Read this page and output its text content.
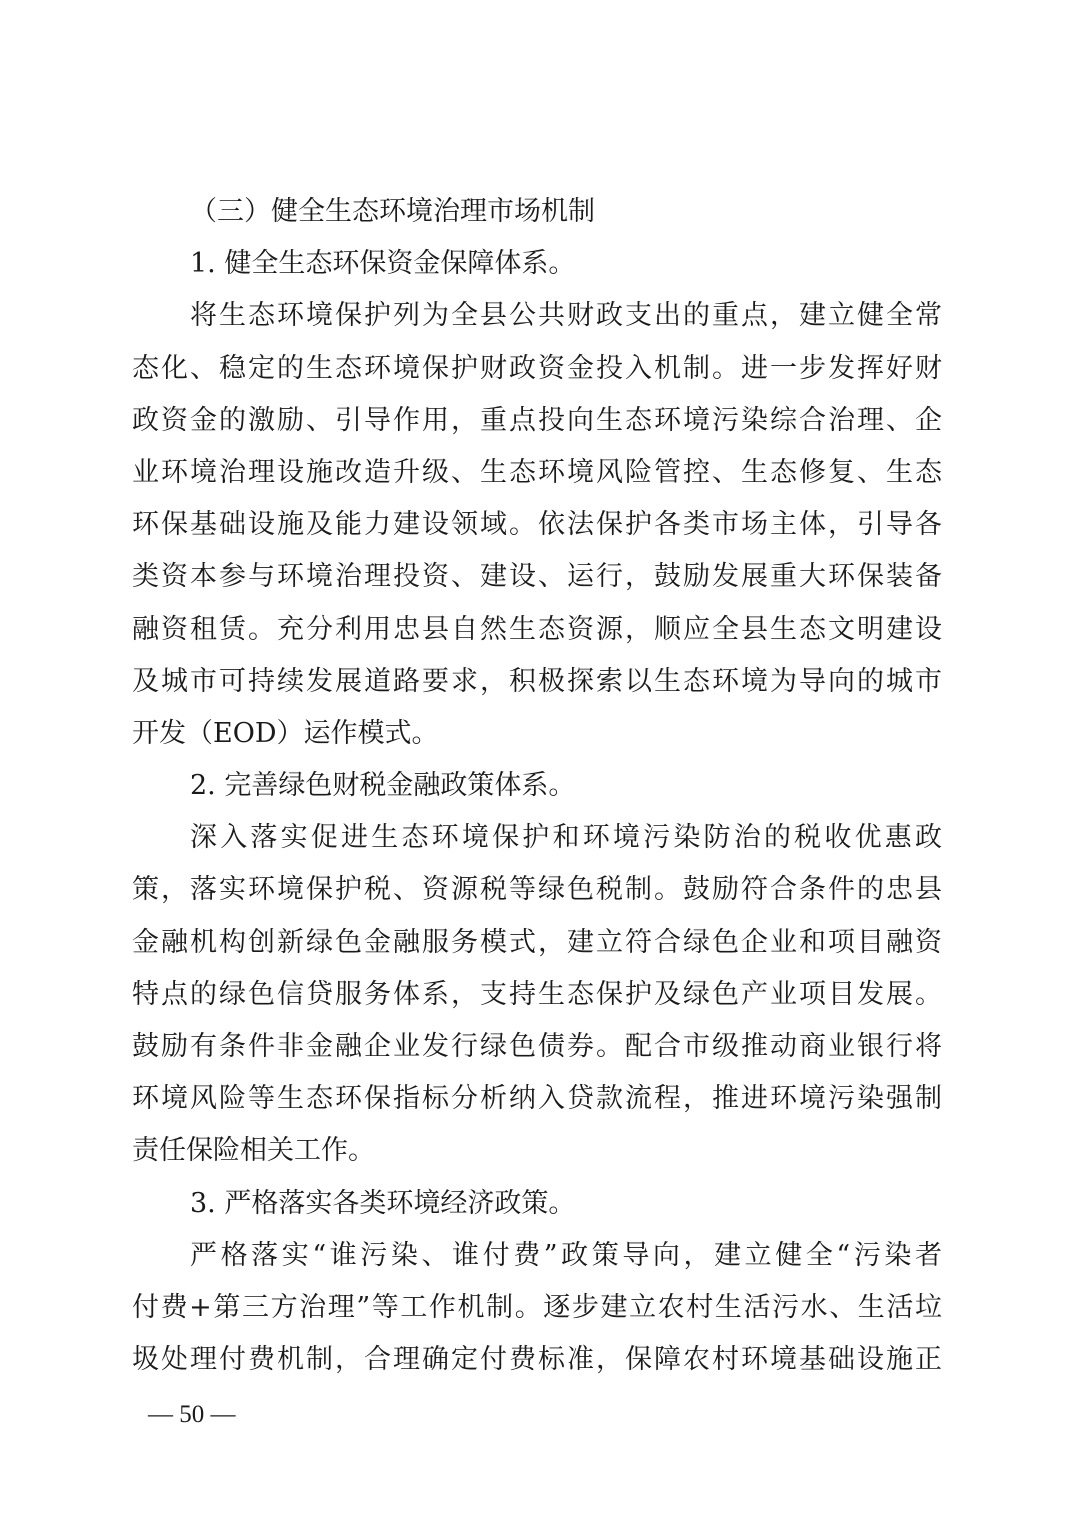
（三）健全生态环境治理市场机制
1. 健全生态环保资金保障体系。
将生态环境保护列为全县公共财政支出的重点，建立健全常
态化、稳定的生态环境保护财政资金投入机制。进一步发挥好财
政资金的激励、引导作用，重点投向生态环境污染综合治理、企
业环境治理设施改造升级、生态环境风险管控、生态修复、生态
环保基础设施及能力建设领域。依法保护各类市场主体，引导各
类资本参与环境治理投资、建设、运行，鼓励发展重大环保装备
融资租赁。充分利用忠县自然生态资源，顺应全县生态文明建设
及城市可持续发展道路要求，积极探索以生态环境为导向的城市
开发（EOD）运作模式。
2. 完善绿色财税金融政策体系。
深入落实促进生态环境保护和环境污染防治的税收优惠政
策，落实环境保护税、资源税等绿色税制。鼓励符合条件的忠县
金融机构创新绿色金融服务模式，建立符合绿色企业和项目融资
特点的绿色信贷服务体系，支持生态保护及绿色产业项目发展。
鼓励有条件非金融企业发行绿色债券。配合市级推动商业银行将
环境风险等生态环保指标分析纳入贷款流程，推进环境污染强制
责任保险相关工作。
3. 严格落实各类环境经济政策。
严格落实“谁污染、谁付费”政策导向，建立健全“污染者
付费+第三方治理”等工作机制。逐步建立农村生活污水、生活垃
圾处理付费机制，合理确定付费标准，保障农村环境基础设施正
— 50 —
